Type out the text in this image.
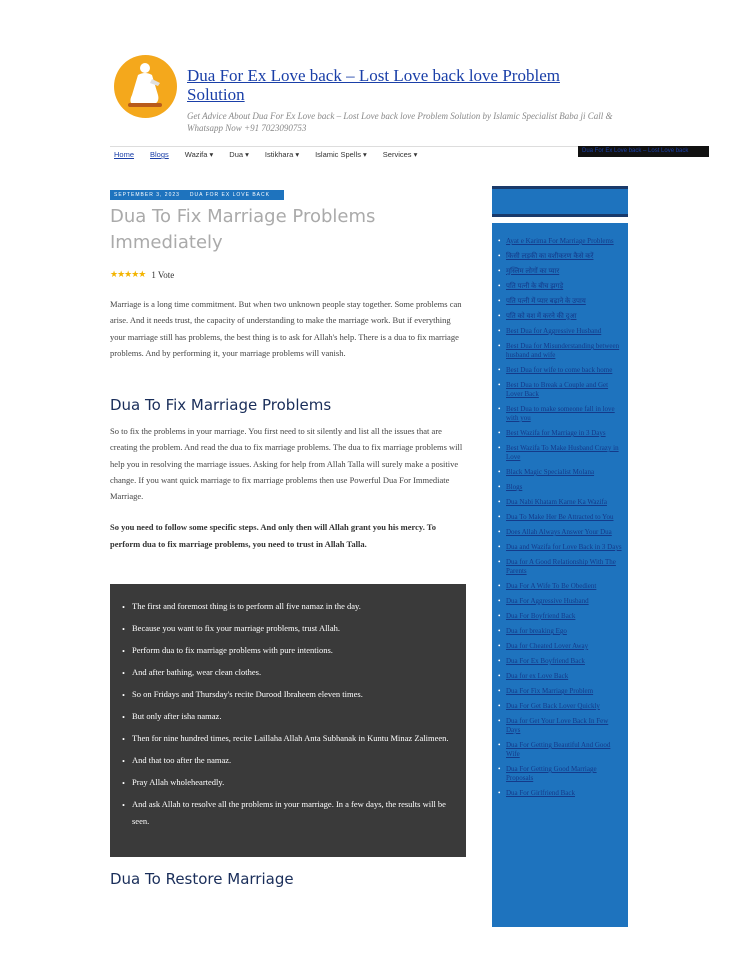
Dua For Ex Love back – Lost Love back love Problem Solution
Get Advice About Dua For Ex Love back – Lost Love back love Problem Solution by Islamic Specialist Baba ji Call & Whatsapp Now +91 7023090753
Home Blogs Wazifa ▾ Dua ▾ Istikhara ▾ Islamic Spells ▾ Services ▾	Dua For Ex Love back – Lost Love back
SEPTEMBER 3, 2023 DUA FOR EX LOVE BACK
Dua To Fix Marriage Problems Immediately
★★★★★ 1 Vote

Marriage is a long time commitment. But when two unknown people stay together. Some problems can arise. And it needs trust, the capacity of understanding to make the marriage work. But if everything your marriage still has problems, the best thing is to ask for Allah's help. There is a dua to fix marriage problems. And by performing it, your marriage problems will vanish.

Dua To Fix Marriage Problems

So to fix the problems in your marriage. You first need to sit silently and list all the issues that are creating the problem. And read the dua to fix marriage problems. The dua to fix marriage problems will help you in resolving the marriage issues. Asking for help from Allah Talla will surely make a positive change. If you want quick marriage to fix marriage problems then use Powerful Dua For Immediate Marriage.

So you need to follow some specific steps. And only then will Allah grant you his mercy. To perform dua to fix marriage problems, you need to trust in Allah Talla.

• The first and foremost thing is to perform all five namaz in the day.
• Because you want to fix your marriage problems, trust Allah.
• Perform dua to fix marriage problems with pure intentions.
• And after bathing, wear clean clothes.
• So on Fridays and Thursday's recite Durood Ibraheem eleven times.
• But only after isha namaz.
• Then for nine hundred times, recite Laillaha Allah Anta Subhanak in Kuntu Minaz Zalimeen.
• And that too after the namaz.
• Pray Allah wholeheartedly.
• And ask Allah to resolve all the problems in your marriage. In a few days, the results will be seen.
Dua To Restore Marriage
• Ayat e Karima For Marriage Problems
• किसी लड़की का वशीकरण कैसे करें
• मुस्लिम लोगों का प्यार
• पति पत्नी के बीच झगड़े
• पति पत्नी में प्यार बढ़ाने के उपाय
• पति को वश में करने की दुआ
• Best Dua for Aggressive Husband
• Best Dua for Misunderstanding between husband and wife
• Best Dua for wife to come back home
• Best Dua to Break a Couple and Get Lover Back
• Best Dua to make someone fall in love with you
• Best Wazifa for Marriage in 3 Days
• Best Wazifa To Make Husband Crazy in Love
• Black Magic Specialist Molana
• Blogs
• Dua Nabi Khatam Karne Ka Wazifa
• Dua To Make Her Be Attracted to You
• Does Allah Always Answer Your Dua
• Dua and Wazifa for Love Back in 3 Days
• Dua for A Good Relationship With The Parents
• Dua For A Wife To Be Obedient
• Dua For Aggressive Husband
• Dua For Boyfriend Back
• Dua for breaking Ego
• Dua for Cheated Lover Away
• Dua For Ex Boyfriend Back
• Dua for ex Love Back
• Dua For Fix Marriage Problem
• Dua For Get Back Lover Quickly
• Dua for Get Your Love Back In Few Days
• Dua For Getting Beautiful And Good Wife
• Dua For Getting Good Marriage Proposals
• Dua For Girlfriend Back
